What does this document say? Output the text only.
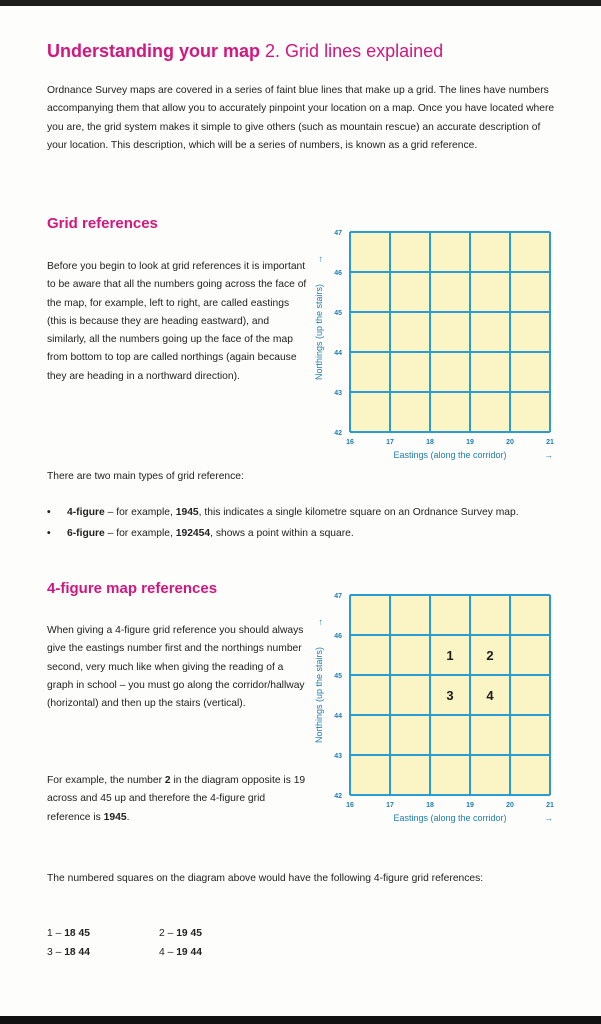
Understanding your map 2. Grid lines explained
Ordnance Survey maps are covered in a series of faint blue lines that make up a grid. The lines have numbers accompanying them that allow you to accurately pinpoint your location on a map. Once you have located where you are, the grid system makes it simple to give others (such as mountain rescue) an accurate description of your location. This description, which will be a series of numbers, is known as a grid reference.
Grid references
Before you begin to look at grid references it is important to be aware that all the numbers going across the face of the map, for example, left to right, are called eastings (this is because they are heading eastward), and similarly, all the numbers going up the face of the map from bottom to top are called northings (again because they are heading in a northward direction).
16	17	18	19	20	21
42
43
44
45
46
47
Eastings (along the corridor)	→
Northings (up the stairs)
→
There are two main types of grid reference:
• 4-figure – for example, 1945, this indicates a single kilometre square on an Ordnance Survey map.
• 6-figure – for example, 192454, shows a point within a square.
4-figure map references
When giving a 4-figure grid reference you should always give the eastings number first and the northings number second, very much like when giving the reading of a graph in school – you must go along the corridor/hallway (horizontal) and then up the stairs (vertical).
For example, the number 2 in the diagram opposite is 19 across and 45 up and therefore the 4-figure grid reference is 1945.
16	17	18	19	20	21
42
43
44
45
46
47
Eastings (along the corridor)	→
Northings (up the stairs)
→
1	2
3	4
The numbered squares on the diagram above would have the following 4-figure grid references:
1 – 18 45	2 – 19 45
3 – 18 44	4 – 19 44
